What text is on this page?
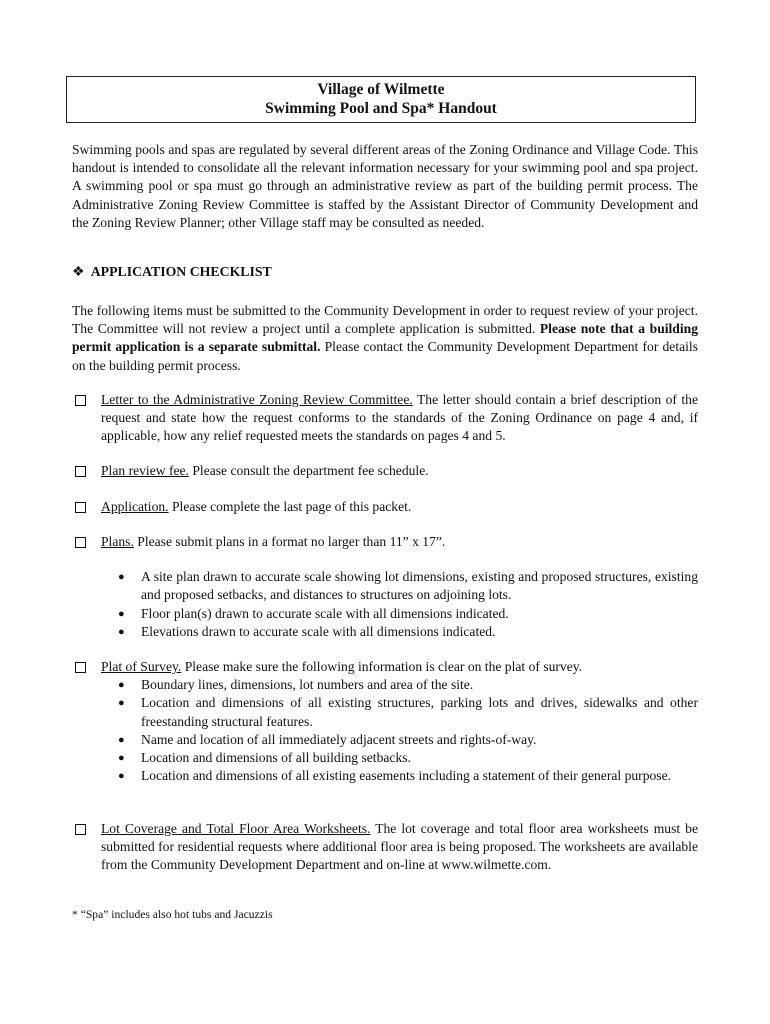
Village of Wilmette
Swimming Pool and Spa* Handout
Swimming pools and spas are regulated by several different areas of the Zoning Ordinance and Village Code. This handout is intended to consolidate all the relevant information necessary for your swimming pool and spa project. A swimming pool or spa must go through an administrative review as part of the building permit process. The Administrative Zoning Review Committee is staffed by the Assistant Director of Community Development and the Zoning Review Planner; other Village staff may be consulted as needed.
❖ APPLICATION CHECKLIST
The following items must be submitted to the Community Development in order to request review of your project. The Committee will not review a project until a complete application is submitted. Please note that a building permit application is a separate submittal. Please contact the Community Development Department for details on the building permit process.
Letter to the Administrative Zoning Review Committee. The letter should contain a brief description of the request and state how the request conforms to the standards of the Zoning Ordinance on page 4 and, if applicable, how any relief requested meets the standards on pages 4 and 5.
Plan review fee. Please consult the department fee schedule.
Application. Please complete the last page of this packet.
Plans. Please submit plans in a format no larger than 11” x 17”.
● A site plan drawn to accurate scale showing lot dimensions, existing and proposed structures, existing and proposed setbacks, and distances to structures on adjoining lots.
● Floor plan(s) drawn to accurate scale with all dimensions indicated.
● Elevations drawn to accurate scale with all dimensions indicated.
Plat of Survey. Please make sure the following information is clear on the plat of survey.
● Boundary lines, dimensions, lot numbers and area of the site.
● Location and dimensions of all existing structures, parking lots and drives, sidewalks and other freestanding structural features.
● Name and location of all immediately adjacent streets and rights-of-way.
● Location and dimensions of all building setbacks.
● Location and dimensions of all existing easements including a statement of their general purpose.
Lot Coverage and Total Floor Area Worksheets. The lot coverage and total floor area worksheets must be submitted for residential requests where additional floor area is being proposed. The worksheets are available from the Community Development Department and on-line at www.wilmette.com.
* “Spa” includes also hot tubs and Jacuzzis
